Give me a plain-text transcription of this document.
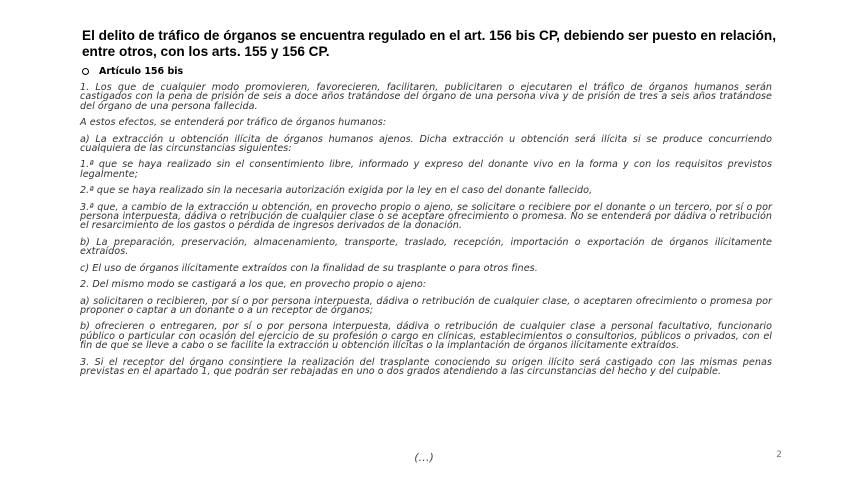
El delito de tráfico de órganos se encuentra regulado en el art. 156 bis CP, debiendo ser puesto en relación, entre otros, con los arts. 155 y 156 CP.
Artículo 156 bis

1. Los que de cualquier modo promovieren, favorecieren, facilitaren, publicitaren o ejecutaren el tráfico de órganos humanos serán castigados con la pena de prisión de seis a doce años tratándose del órgano de una persona viva y de prisión de tres a seis años tratándose del órgano de una persona fallecida.

A estos efectos, se entenderá por tráfico de órganos humanos:

a) La extracción u obtención ilícita de órganos humanos ajenos. Dicha extracción u obtención será ilícita si se produce concurriendo cualquiera de las circunstancias siguientes:

1.ª que se haya realizado sin el consentimiento libre, informado y expreso del donante vivo en la forma y con los requisitos previstos legalmente;

2.ª que se haya realizado sin la necesaria autorización exigida por la ley en el caso del donante fallecido,

3.ª que, a cambio de la extracción u obtención, en provecho propio o ajeno, se solicitare o recibiere por el donante o un tercero, por sí o por persona interpuesta, dádiva o retribución de cualquier clase o se aceptare ofrecimiento o promesa. No se entenderá por dádiva o retribución el resarcimiento de los gastos o pérdida de ingresos derivados de la donación.

b) La preparación, preservación, almacenamiento, transporte, traslado, recepción, importación o exportación de órganos ilícitamente extraídos.

c) El uso de órganos ilícitamente extraídos con la finalidad de su trasplante o para otros fines.

2. Del mismo modo se castigará a los que, en provecho propio o ajeno:

a) solicitaren o recibieren, por sí o por persona interpuesta, dádiva o retribución de cualquier clase, o aceptaren ofrecimiento o promesa por proponer o captar a un donante o a un receptor de órganos;

b) ofrecieren o entregaren, por sí o por persona interpuesta, dádiva o retribución de cualquier clase a personal facultativo, funcionario público o particular con ocasión del ejercicio de su profesión o cargo en clínicas, establecimientos o consultorios, públicos o privados, con el fin de que se lleve a cabo o se facilite la extracción u obtención ilícitas o la implantación de órganos ilícitamente extraídos.

3. Si el receptor del órgano consintiere la realización del trasplante conociendo su origen ilícito será castigado con las mismas penas previstas en el apartado 1, que podrán ser rebajadas en uno o dos grados atendiendo a las circunstancias del hecho y del culpable.

(…)	2
